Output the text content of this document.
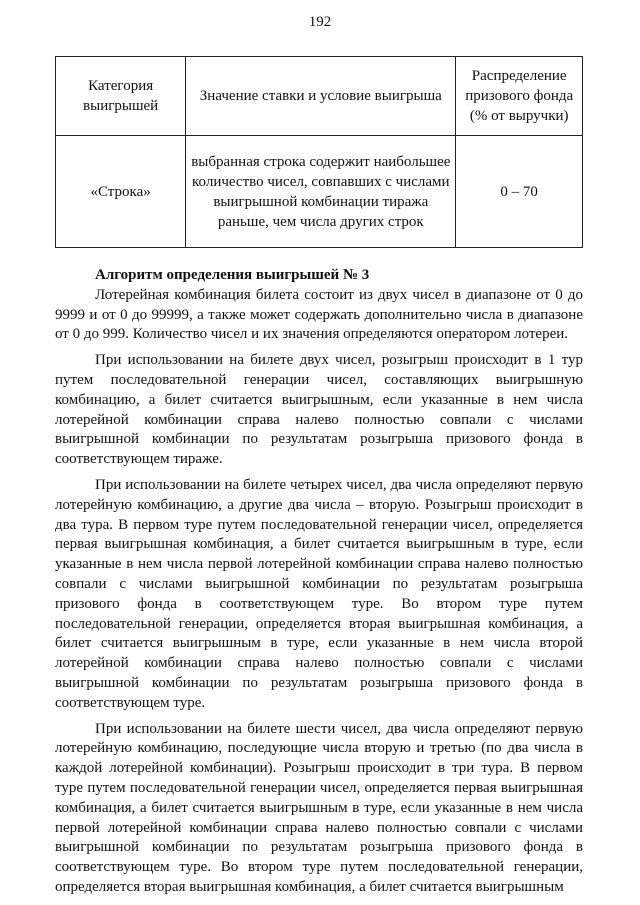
192
Категория выигрышей	Значение ставки и условие выигрыша	Распределение призового фонда (% от выручки)
«Строка»	выбранная строка содержит наибольшее количество чисел, совпавших с числами выигрышной комбинации тиража раньше, чем числа других строк	0 – 70
Алгоритм определения выигрышей № 3

Лотерейная комбинация билета состоит из двух чисел в диапазоне от 0 до 9999 и от 0 до 99999, а также может содержать дополнительно числа в диапазоне от 0 до 999. Количество чисел и их значения определяются оператором лотереи.

При использовании на билете двух чисел, розыгрыш происходит в 1 тур путем последовательной генерации чисел, составляющих выигрышную комбинацию, а билет считается выигрышным, если указанные в нем числа лотерейной комбинации справа налево полностью совпали с числами выигрышной комбинации по результатам розыгрыша призового фонда в соответствующем тираже.

При использовании на билете четырех чисел, два числа определяют первую лотерейную комбинацию, а другие два числа – вторую. Розыгрыш происходит в два тура. В первом туре путем последовательной генерации чисел, определяется первая выигрышная комбинация, а билет считается выигрышным в туре, если указанные в нем числа первой лотерейной комбинации справа налево полностью совпали с числами выигрышной комбинации по результатам розыгрыша призового фонда в соответствующем туре. Во втором туре путем последовательной генерации, определяется вторая выигрышная комбинация, а билет считается выигрышным в туре, если указанные в нем числа второй лотерейной комбинации справа налево полностью совпали с числами выигрышной комбинации по результатам розыгрыша призового фонда в соответствующем туре.

При использовании на билете шести чисел, два числа определяют первую лотерейную комбинацию, последующие числа вторую и третью (по два числа в каждой лотерейной комбинации). Розыгрыш происходит в три тура. В первом туре путем последовательной генерации чисел, определяется первая выигрышная комбинация, а билет считается выигрышным в туре, если указанные в нем числа первой лотерейной комбинации справа налево полностью совпали с числами выигрышной комбинации по результатам розыгрыша призового фонда в соответствующем туре. Во втором туре путем последовательной генерации, определяется вторая выигрышная комбинация, а билет считается выигрышным
